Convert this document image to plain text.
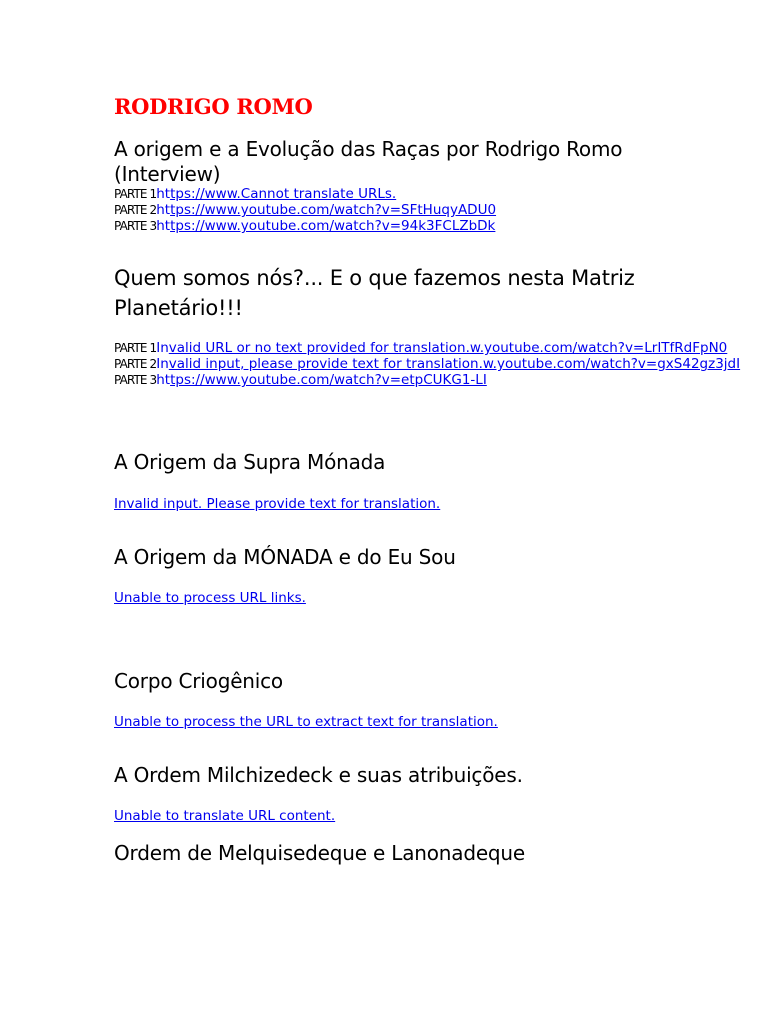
RODRIGO ROMO
A origem e a Evolução das Raças por Rodrigo Romo
(Interview)
PARTE 1https://www.Cannot translate URLs.
PARTE 2https://www.youtube.com/watch?v=SFtHuqyADU0
PARTE 3https://www.youtube.com/watch?v=94k3FCLZbDk
Quem somos nós?... E o que fazemos nesta Matriz
Planetário!!!
PARTE 1Invalid URL or no text provided for translation.w.youtube.com/watch?v=LrITfRdFpN0
PARTE 2Invalid input, please provide text for translation.w.youtube.com/watch?v=gxS42gz3jdI
PARTE 3https://www.youtube.com/watch?v=etpCUKG1-LI
A Origem da Supra Mónada
Invalid input. Please provide text for translation.
A Origem da MÓNADA e do Eu Sou
Unable to process URL links.
Corpo Criogênico
Unable to process the URL to extract text for translation.
A Ordem Milchizedeck e suas atribuições.
Unable to translate URL content.
Ordem de Melquisedeque e Lanonadeque
